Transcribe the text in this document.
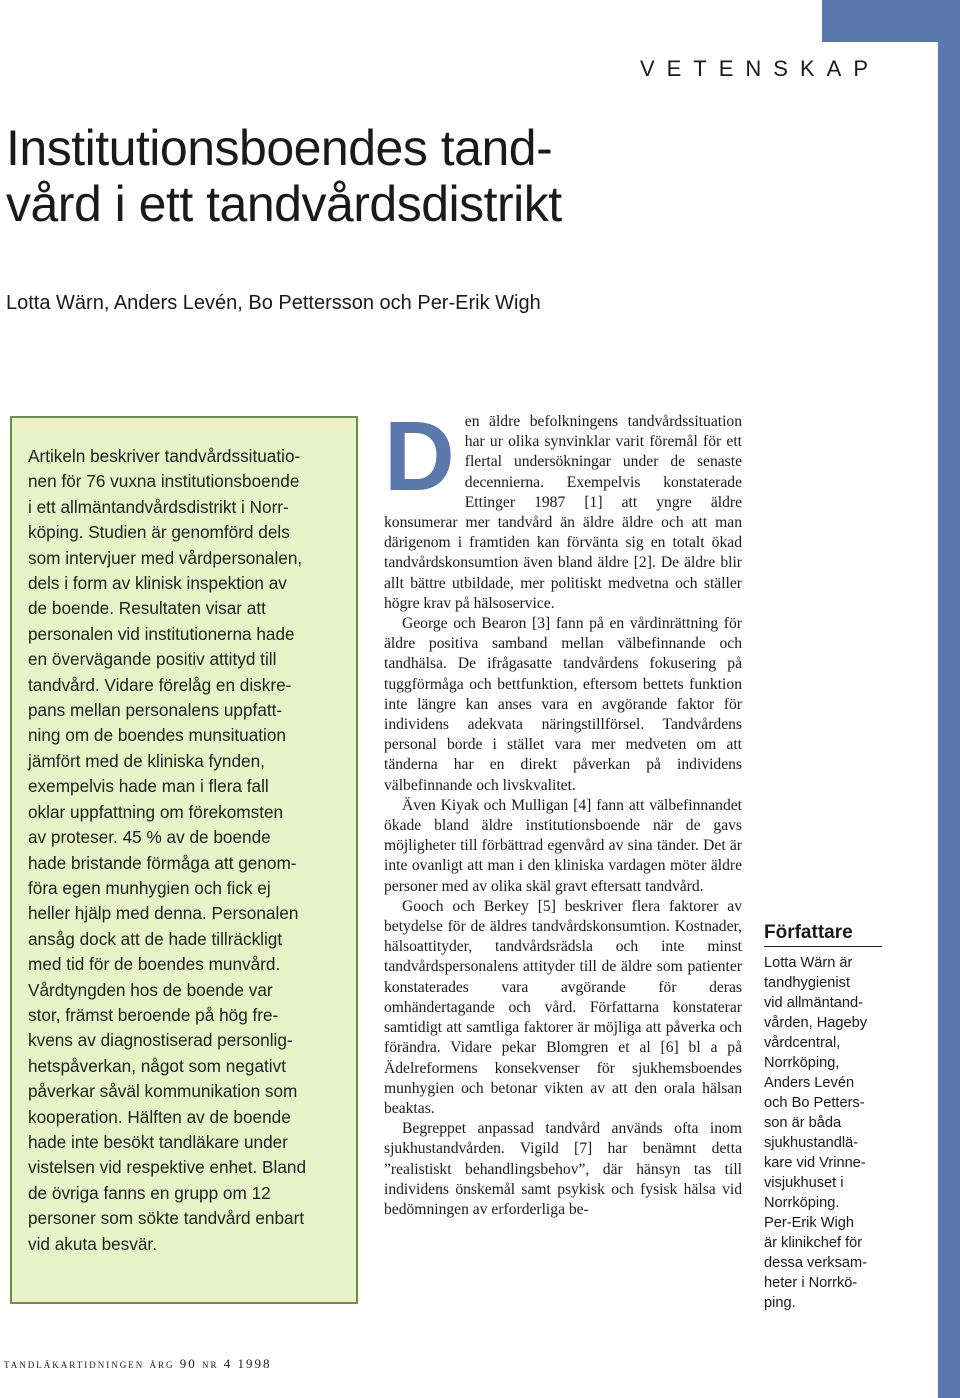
VETENSKAP
Institutionsboendes tand-
vård i ett tandvårdsdistrikt

Lotta Wärn, Anders Levén, Bo Pettersson och Per-Erik Wigh

Artikeln beskriver tandvårdssituatio-
nen för 76 vuxna institutionsboende
i ett allmäntandvårdsdistrikt i Norr-
köping. Studien är genomförd dels
som intervjuer med vårdpersonalen,
dels i form av klinisk inspektion av
de boende. Resultaten visar att
personalen vid institutionerna hade
en övervägande positiv attityd till
tandvård. Vidare förelåg en diskre-
pans mellan personalens uppfatt-
ning om de boendes munsituation
jämfört med de kliniska fynden,
exempelvis hade man i flera fall
oklar uppfattning om förekomsten
av proteser. 45 % av de boende
hade bristande förmåga att genom-
föra egen munhygien och fick ej
heller hjälp med denna. Personalen
ansåg dock att de hade tillräckligt
med tid för de boendes munvård.
Vårdtyngden hos de boende var
stor, främst beroende på hög fre-
kvens av diagnostiserad personlig-
hetspåverkan, något som negativt
påverkar såväl kommunikation som
kooperation. Hälften av de boende
hade inte besökt tandläkare under
vistelsen vid respektive enhet. Bland
de övriga fanns en grupp om 12
personer som sökte tandvård enbart
vid akuta besvär.

Den äldre befolkningens tandvårdssituation har ur olika synvinklar varit föremål för ett flertal undersökningar under de senaste decennierna. Exempelvis konstaterade Ettinger 1987 [1] att yngre äldre konsumerar mer tandvård än äldre äldre och att man därigenom i framtiden kan förvänta sig en totalt ökad tandvårdskonsumtion även bland äldre [2]. De äldre blir allt bättre utbildade, mer politiskt medvetna och ställer högre krav på hälsoservice.

George och Bearon [3] fann på en vårdinrättning för äldre positiva samband mellan välbefinnande och tandhälsa. De ifrågasatte tandvårdens fokusering på tuggförmåga och bettfunktion, eftersom bettets funktion inte längre kan anses vara en avgörande faktor för individens adekvata näringstillförsel. Tandvårdens personal borde i stället vara mer medveten om att tänderna har en direkt påverkan på individens välbefinnande och livskvalitet.

Även Kiyak och Mulligan [4] fann att välbefinnandet ökade bland äldre institutionsboende när de gavs möjligheter till förbättrad egenvård av sina tänder. Det är inte ovanligt att man i den kliniska vardagen möter äldre personer med av olika skäl gravt eftersatt tandvård.

Gooch och Berkey [5] beskriver flera faktorer av betydelse för de äldres tandvårdskonsumtion. Kostnader, hälsoattityder, tandvårdsrädsla och inte minst tandvårdspersonalens attityder till de äldre som patienter konstaterades vara avgörande för deras omhändertagande och vård. Författarna konstaterar samtidigt att samtliga faktorer är möjliga att påverka och förändra. Vidare pekar Blomgren et al [6] bl a på Ädelreformens konsekvenser för sjukhemsboendes munhygien och betonar vikten av att den orala hälsan beaktas.

Begreppet anpassad tandvård används ofta inom sjukhustandvården. Vigild [7] har benämnt detta ”realistiskt behandlingsbehov”, där hänsyn tas till individens önskemål samt psykisk och fysisk hälsa vid bedömningen av erforderliga be-

Författare

Lotta Wärn är
tandhygienist
vid allmäntand-
vården, Hageby
vårdcentral,
Norrköping,
Anders Levén
och Bo Petters-
son är båda
sjukhustandlä-
kare vid Vrinne-
visjukhuset i
Norrköping.
Per-Erik Wigh
är klinikchef för
dessa verksam-
heter i Norrkö-
ping.

tandläkartidningen årg 90 nr 4 1998
